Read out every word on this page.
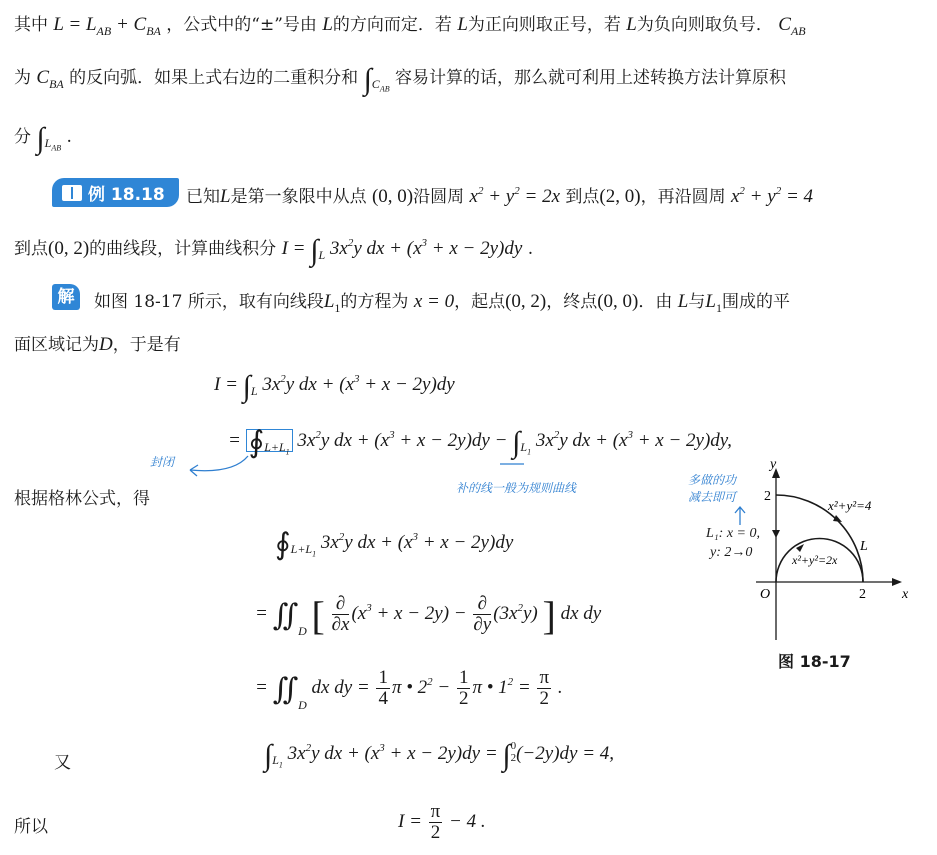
其中 $L = L_{AB} + C_{BA}$ ，公式中的“±”号由 L的方向而定．若 L为正向则取正号，若 L为负向则取负号． $C_{AB}$
为 $C_{BA}$ 的反向弧．如果上式右边的二重积分和 $\int_{C_{AB}}$ 容易计算的话，那么就可利用上述转换方法计算原积
分 $\int_{L_{AB}}$ .
例 18.18 已知L是第一象限中从点 (0, 0)沿圆周 $x^2 + y^2 = 2x$ 到点(2, 0)，再沿圆周 $x^2 + y^2 = 4$
到点(0, 2)的曲线段，计算曲线积分 $I = \int_L$ $3x^2y$ dx + $(x^3 + x - 2y)dy$ .
解	如图 18-17 所示，取有向线段$L_1$的方程为 x = 0，起点(0, 2)，终点(0, 0)．由 L与$L_1$围成的平
面区域记为D，于是有
$I = \int_L$ $3x^2y$ dx + $(x^3 + x - 2y)dy$
= $∮_{L+L_1}$ $3x^2y$ dx + $(x^3 + x - 2y)dy - \int_{L_1}$ $3x^2y$ dx + $(x^3 + x - 2y)dy$,
封闭
补的线一般为规则曲线
根据格林公式，得
$∮_{L+L_1}$ $3x^2y$ dx + $(x^3 + x - 2y)dy$
= $∬_D$ [ $\frac{\partial}{\partial x} (x^3 + x - 2y) - \frac{\partial}{\partial y} (3x^2y)$ ] dx dy
= $∬_D$ dx dy = $\frac{1}{4}$ π • $2^2 - \frac{1}{2}$ π • $1^2 = \frac{\pi}{2}$ .
又	$\int_{L_1}$ $3x^2y$ dx + $(x^3 + x - 2y)dy$ = ∫ 0
2 (−2y)dy = 4,
所以	$I = \frac{\pi}{2} - 4$ .
多做的功
减去即可
y
x
O	2
2
x²+y²=4
x²+y²=2x
L
L₁: x = 0,
y: 2→0
图 18-17
